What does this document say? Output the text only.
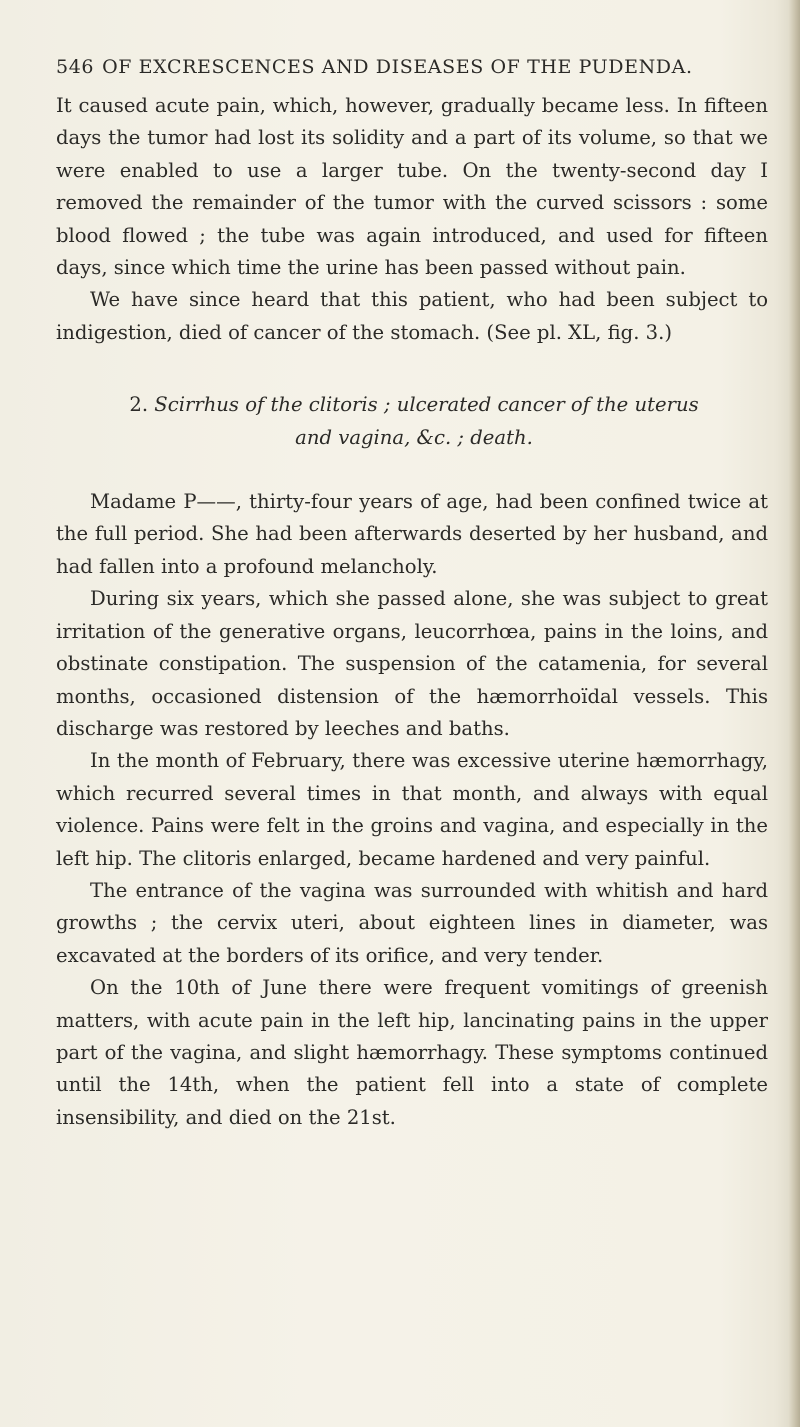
546 OF EXCRESCENCES AND DISEASES OF THE PUDENDA.

It caused acute pain, which, however, gradually became less. In fifteen days the tumor had lost its solidity and a part of its volume, so that we were enabled to use a larger tube. On the twenty-second day I removed the remainder of the tumor with the curved scissors : some blood flowed ; the tube was again introduced, and used for fifteen days, since which time the urine has been passed without pain.

We have since heard that this patient, who had been subject to indigestion, died of cancer of the stomach. (See pl. XL, fig. 3.)

2. Scirrhus of the clitoris ; ulcerated cancer of the uterus
and vagina, &c. ; death.

Madame P——, thirty-four years of age, had been confined twice at the full period. She had been afterwards deserted by her husband, and had fallen into a profound melancholy.

During six years, which she passed alone, she was subject to great irritation of the generative organs, leucorrhœa, pains in the loins, and obstinate constipation. The suspension of the catamenia, for several months, occasioned distension of the hæmorrhoïdal vessels. This discharge was restored by leeches and baths.

In the month of February, there was excessive uterine hæmorrhagy, which recurred several times in that month, and always with equal violence. Pains were felt in the groins and vagina, and especially in the left hip. The clitoris enlarged, became hardened and very painful.

The entrance of the vagina was surrounded with whitish and hard growths ; the cervix uteri, about eighteen lines in diameter, was excavated at the borders of its orifice, and very tender.

On the 10th of June there were frequent vomitings of greenish matters, with acute pain in the left hip, lancinating pains in the upper part of the vagina, and slight hæmorrhagy. These symptoms continued until the 14th, when the patient fell into a state of complete insensibility, and died on the 21st.
